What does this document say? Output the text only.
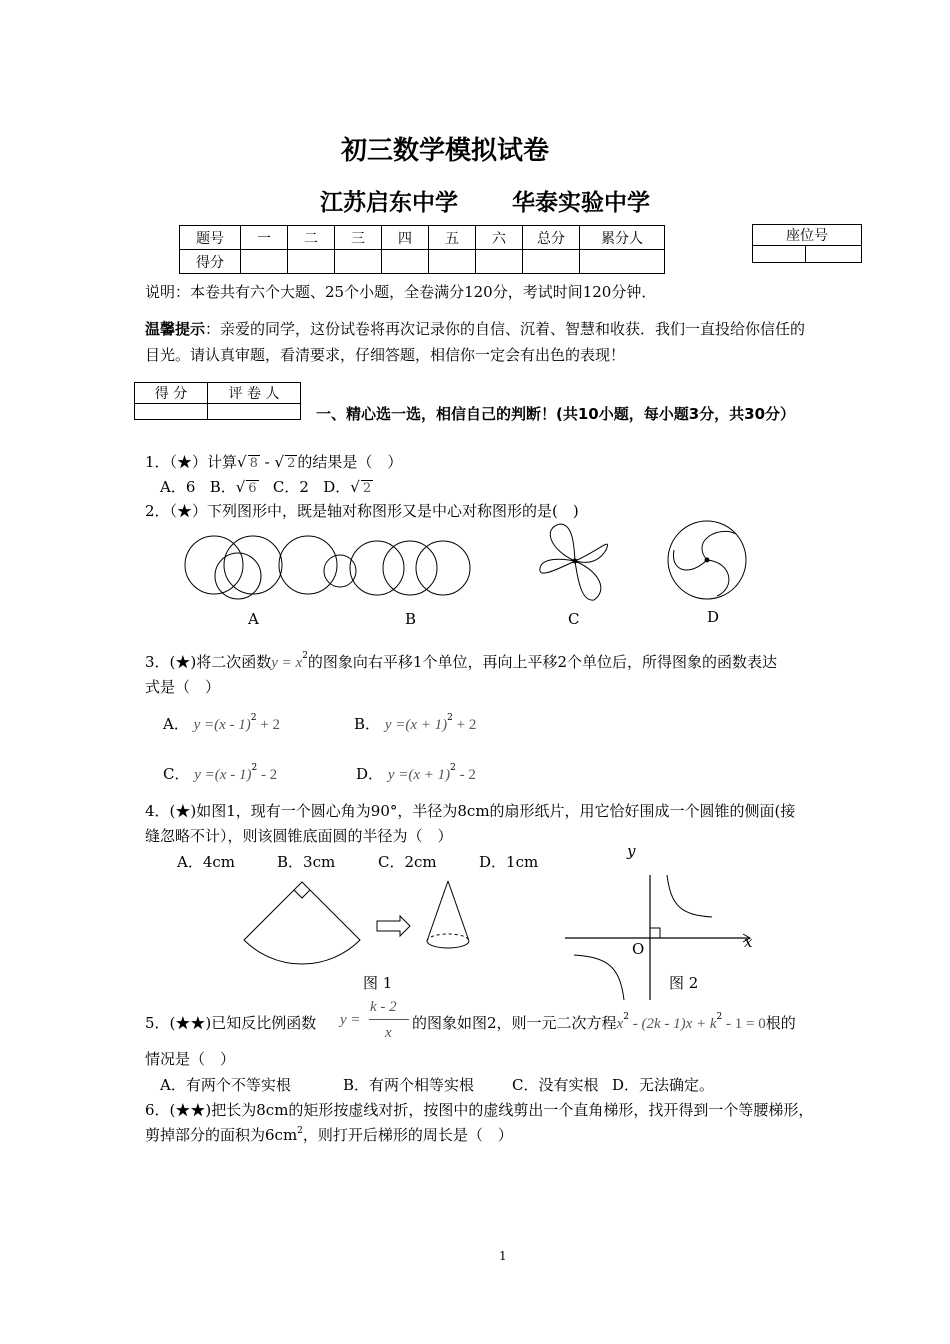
初三数学模拟试卷
江苏启东中学 华泰实验中学
题号	一	二	三	四	五	六	总分	累分人
得分								
座位号

说明：本卷共有六个大题、25个小题，全卷满分120分，考试时间120分钟．
温馨提示：亲爱的同学，这份试卷将再次记录你的自信、沉着、智慧和收获．我们一直投给你信任的
目光。请认真审题，看清要求，仔细答题，相信你一定会有出色的表现！
得 分	评 卷 人

一、精心选一选，相信自己的判断！(共10小题，每小题3分，共30分）
1．（★）计算√ 8 - √ 2 的结果是（　）
A．6 B．√ 6 C．2 D．√ 2
2．（★）下列图形中，既是轴对称图形又是中心对称图形的是(　)
A	B	C	D
3．(★)将二次函数$y = x^2$的图象向右平移1个单位，再向上平移2个单位后，所得图象的函数表达
式是（　）
A． y =(x - 1)$^2$ + 2	B． $y =(x + 1)^2 + 2$
C． y =(x - 1)$^2$ - 2	D． $y =(x + 1)^2 - 2$
4．(★)如图1，现有一个圆心角为90°，半径为8cm的扇形纸片，用它恰好围成一个圆锥的侧面(接
缝忽略不计），则该圆锥底面圆的半径为（　）
A．4cm	B．3cm	C．2cm	D．1cm
y
x
O
图 1	图 2
5．(★★)已知反比例函数 y =
k - 2
x
的图象如图2，则一元二次方程$x^2 - (2k - 1)x + k^2 - 1 = 0$根的
情况是（　）
A．有两个不等实根	B．有两个相等实根	C．没有实根 D．无法确定。
6．(★★)把长为8cm的矩形按虚线对折，按图中的虚线剪出一个直角梯形，找开得到一个等腰梯形，
剪掉部分的面积为$6cm^2$，则打开后梯形的周长是（　）
1
